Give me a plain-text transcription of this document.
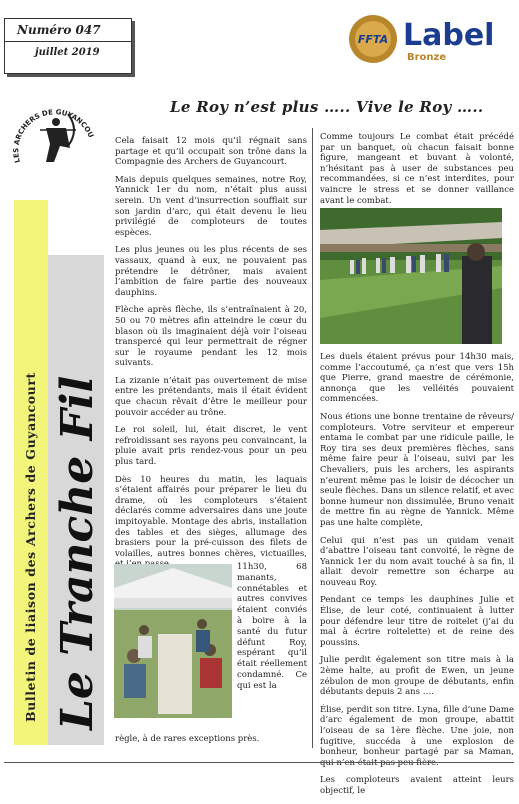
Numéro 047
juillet 2019
FFTA Label
Bronze
LES ARCHERS DE GUYANCOU
Bulletin de liaison des Archers de Guyancourt Le Tranche Fil
Le Roy n’est plus ….. Vive le Roy …..

Cela faisait 12 mois qu’il régnait sans partage et qu’il occupait son trône dans la Compagnie des Archers de Guyancourt.

Mais depuis quelques semaines, notre Roy, Yannick 1er du nom, n’était plus aussi serein. Un vent d’insurrection soufflait sur son jardin d’arc, qui était devenu le lieu privilégié de comploteurs de toutes espèces.

Les plus jeunes ou les plus récents de ses vassaux, quand à eux, ne pouvaient pas prétendre le détrôner, mais avaient l’ambition de faire partie des nouveaux dauphins.

Flèche après flèche, ils s’entraînaient à 20, 50 ou 70 mètres afin atteindre le cœur du blason où ils imaginaient déjà voir l’oiseau transpercé qui leur permettrait de régner sur le royaume pendant les 12 mois suivants.

La zizanie n’était pas ouvertement de mise entre les prétendants, mais il était évident que chacun rêvait d’être le meilleur pour pouvoir accéder au trône.

Le roi soleil, lui, était discret, le vent refroidissant ses rayons peu convaincant, la pluie avait pris rendez-vous pour un peu plus tard.

Dès 10 heures du matin, les laquais s’étaient affairés pour préparer le lieu du drame, où les comploteurs s’étaient déclarés comme adversaires dans une joute impitoyable. Montage des abris, installation des tables et des sièges, allumage des brasiers pour la pré-cuisson des filets de volailles, autres bonnes chères, victuailles,

11h30, 68 manants, connétables et autres convives étaient conviés à boire à la santé du futur défunt Roy, espérant qu’il était réellement condamné. Ce qui est la
règle, à de rares exceptions près.

Comme toujours Le combat était précédé par un banquet, où chacun faisait bonne figure, mangeant et buvant à volonté, n’hésitant pas à user de substances peu recommandées, si ce n’est interdites, pour vaincre le stress et se donner vaillance avant le combat.

Les duels étaient prévus pour 14h30 mais, comme l’accoutumé, ça n’est que vers 15h que Pierre, grand maestre de cérémonie, annonça que les velléités pouvaient commencées.

Nous étions une bonne trentaine de rêveurs/ comploteurs. Votre serviteur et empereur entama le combat par une ridicule paille, le Roy tira ses deux premières flèches, sans même faire peur à l’oiseau, suivi par les Chevaliers, puis les archers, les aspirants n’eurent même pas le loisir de décocher un seule flèches. Dans un silence relatif, et avec bonne humeur non dissimulée, Bruno venait de mettre fin au règne de Yannick. Même pas une halte complète,

Celui qui n’est pas un quidam venait d’abattre l’oiseau tant convoité, le règne de Yannick 1er du nom avait touché à sa fin, il allait devoir remettre son écharpe au nouveau Roy.

Pendant ce temps les dauphines Julie et Élise, de leur coté, continuaient à lutter pour défendre leur titre de roitelet (j’ai du mal à écrire roitelette) et de reine des poussins.

Julie perdit également son titre mais à la 2ème halte, au profit de Ewen, un jeune zébulon de mon groupe de débutants, enfin débutants depuis 2 ans ….

Élise, perdit son titre. Lyna, fille d’une Dame d’arc également de mon groupe, abattit l’oiseau de sa 1ère flèche. Une joie, non fugitive, succéda à une explosion de bonheur, bonheur partagé par sa Maman,

Les comploteurs avaient atteint leurs objectif, le
